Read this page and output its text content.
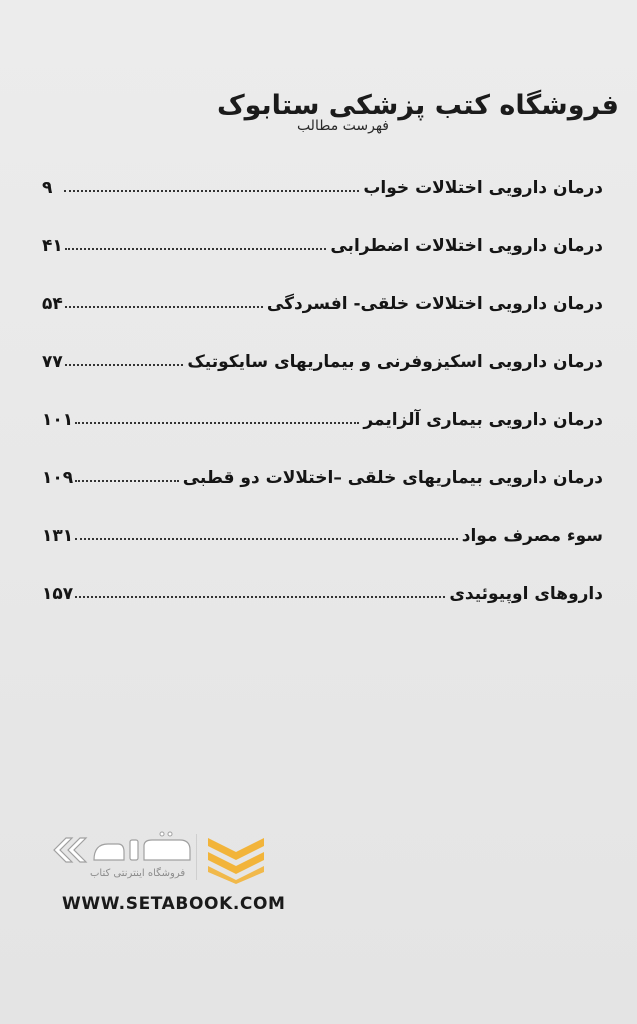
فروشگاه کتب پزشکی ستابوک
فهرست مطالب
درمان دارویی اختلالات خواب
۹
درمان دارویی اختلالات اضطرابی
۴۱
درمان دارویی اختلالات خلقی- افسردگی
۵۴
درمان دارویی اسکیزوفرنی و بیماریهای سایکوتیک
۷۷
درمان دارویی بیماری آلزایمر
۱۰۱
درمان دارویی بیماریهای خلقی –اختلالات دو قطبی
۱۰۹
سوء مصرف مواد
۱۳۱
داروهای اوپیوئیدی
۱۵۷
فروشگاه اینترنتی کتاب
WWW.SETABOOK.COM
